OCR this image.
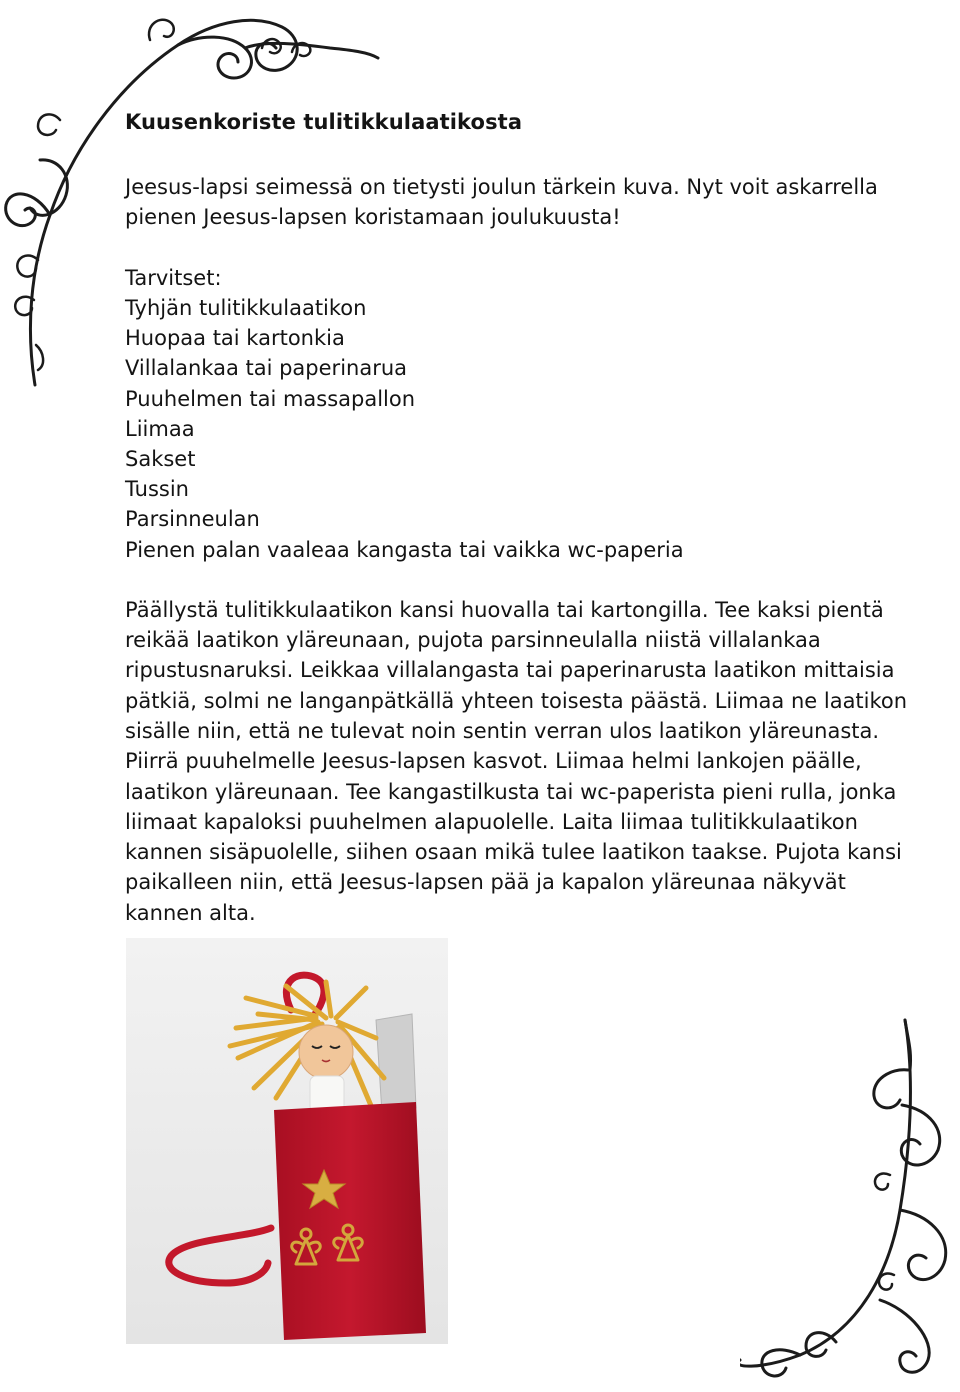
Kuusenkoriste tulitikkulaatikosta

Jeesus-lapsi seimessä on tietysti joulun tärkein kuva. Nyt voit askarrella pienen Jeesus-lapsen koristamaan joulukuusta!

Tarvitset:

Tyhjän tulitikkulaatikon
Huopaa tai kartonkia
Villalankaa tai paperinarua
Puuhelmen tai massapallon
Liimaa
Sakset
Tussin
Parsinneulan
Pienen palan vaaleaa kangasta tai vaikka wc-paperia

Päällystä tulitikkulaatikon kansi huovalla tai kartongilla. Tee kaksi pientä reikää laatikon yläreunaan, pujota parsinneulalla niistä villalankaa ripustusnaruksi. Leikkaa villalangasta tai paperinarusta laatikon mittaisia pätkiä, solmi ne langanpätkällä yhteen toisesta päästä. Liimaa ne laatikon sisälle niin, että ne tulevat noin sentin verran ulos laatikon yläreunasta. Piirrä puuhelmelle Jeesus-lapsen kasvot. Liimaa helmi lankojen päälle, laatikon yläreunaan. Tee kangastilkusta tai wc-paperista pieni rulla, jonka liimaat kapaloksi puuhelmen alapuolelle. Laita liimaa tulitikkulaatikon kannen sisäpuolelle, siihen osaan mikä tulee laatikon taakse. Pujota kansi paikalleen niin, että Jeesus-lapsen pää ja kapalon yläreunaa näkyvät kannen alta.
